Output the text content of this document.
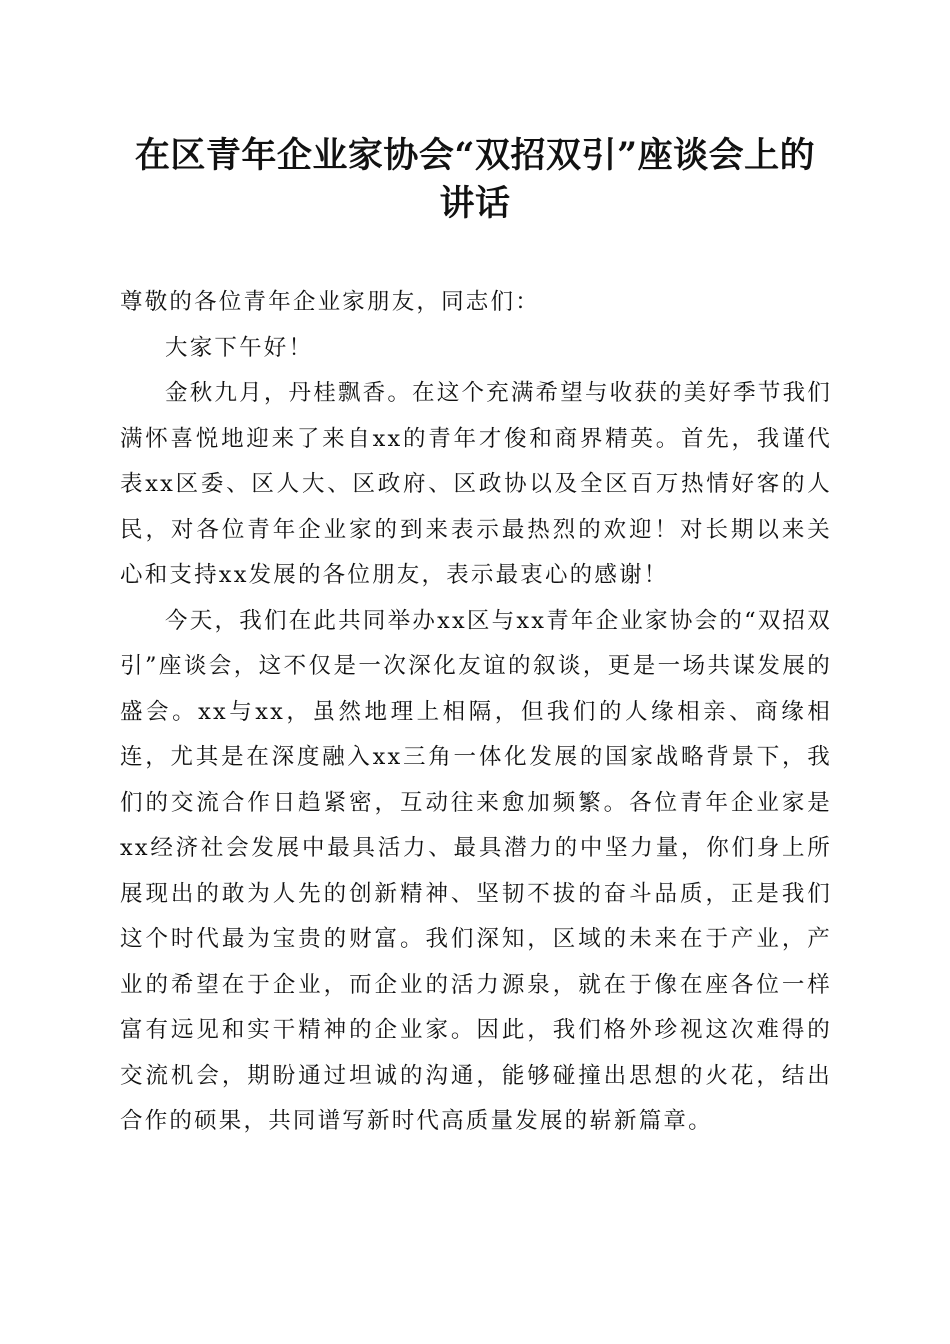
在区青年企业家协会“双招双引”座谈会上的
讲话

尊敬的各位青年企业家朋友，同志们：

大家下午好！

金秋九月，丹桂飘香。在这个充满希望与收获的美好季节我们满怀喜悦地迎来了来自xx的青年才俊和商界精英。首先，我谨代表xx区委、区人大、区政府、区政协以及全区百万热情好客的人民，对各位青年企业家的到来表示最热烈的欢迎！对长期以来关心和支持xx发展的各位朋友，表示最衷心的感谢！

今天，我们在此共同举办xx区与xx青年企业家协会的“双招双引”座谈会，这不仅是一次深化友谊的叙谈，更是一场共谋发展的盛会。xx与xx，虽然地理上相隔，但我们的人缘相亲、商缘相连，尤其是在深度融入xx三角一体化发展的国家战略背景下，我们的交流合作日趋紧密，互动往来愈加频繁。各位青年企业家是xx经济社会发展中最具活力、最具潜力的中坚力量，你们身上所展现出的敢为人先的创新精神、坚韧不拔的奋斗品质，正是我们这个时代最为宝贵的财富。我们深知，区域的未来在于产业，产业的希望在于企业，而企业的活力源泉，就在于像在座各位一样富有远见和实干精神的企业家。因此，我们格外珍视这次难得的交流机会，期盼通过坦诚的沟通，能够碰撞出思想的火花，结出合作的硕果，共同谱写新时代高质量发展的崭新篇章。
